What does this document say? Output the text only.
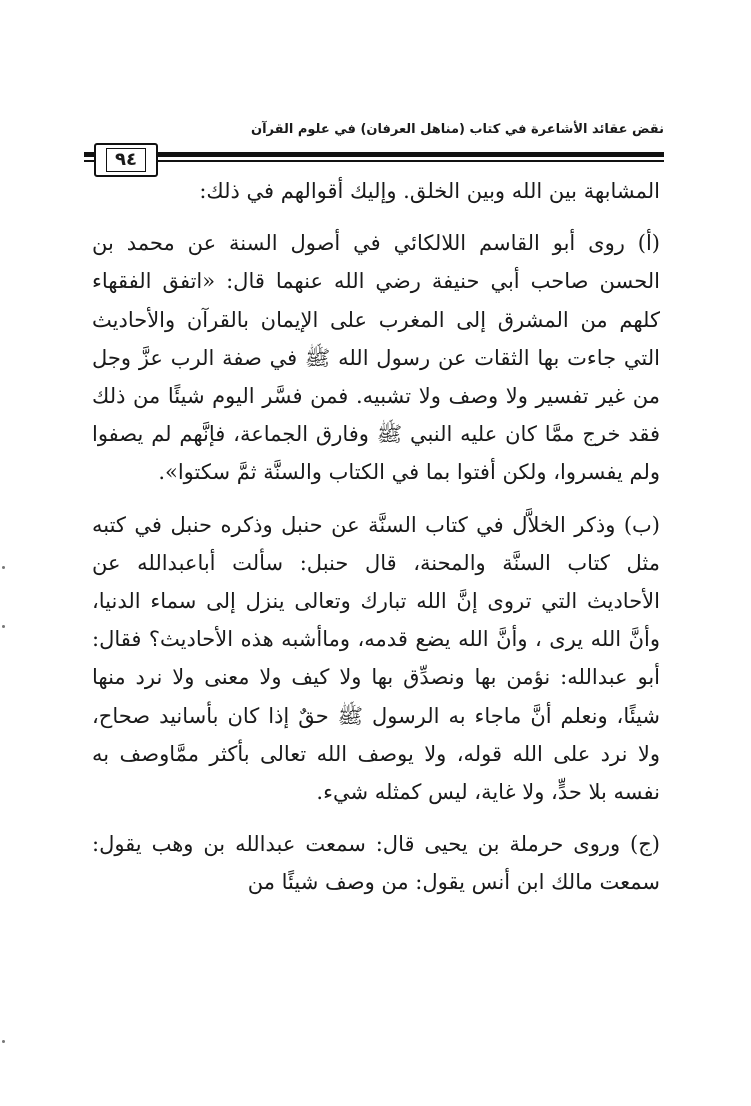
نقض عقائد الأشاعرة في كتاب (مناهل العرفان) في علوم القرآن
٩٤

المشابهة بين الله وبين الخلق. وإليك أقوالهم في ذلك:

(أ) روى أبو القاسم اللالكائي في أصول السنة عن محمد بن الحسن صاحب أبي حنيفة رضي الله عنهما قال: «اتفق الفقهاء كلهم من المشرق إلى المغرب على الإيمان بالقرآن والأحاديث التي جاءت بها الثقات عن رسول الله ﷺ في صفة الرب عزَّ وجل من غير تفسير ولا وصف ولا تشبيه. فمن فسَّر اليوم شيئًا من ذلك فقد خرج ممَّا كان عليه النبي ﷺ وفارق الجماعة، فإنَّهم لم يصفوا ولم يفسروا، ولكن أفتوا بما في الكتاب والسنَّة ثمَّ سكتوا».

(ب) وذكر الخلاَّل في كتاب السنَّة عن حنبل وذكره حنبل في كتبه مثل كتاب السنَّة والمحنة، قال حنبل: سألت أباعبدالله عن الأحاديث التي تروى إنَّ الله تبارك وتعالى ينزل إلى سماء الدنيا، وأنَّ الله يرى ، وأنَّ الله يضع قدمه، وماأشبه هذه الأحاديث؟ فقال: أبو عبدالله: نؤمن بها ونصدِّق بها ولا كيف ولا معنى ولا نرد منها شيئًا، ونعلم أنَّ ماجاء به الرسول ﷺ حقٌ إذا كان بأسانيد صحاح، ولا نرد على الله قوله، ولا يوصف الله تعالى بأكثر ممَّاوصف به نفسه بلا حدٍّ، ولا غاية، ليس كمثله شيء.

(ج) وروى حرملة بن يحيى قال: سمعت عبدالله بن وهب يقول: سمعت مالك ابن أنس يقول: من وصف شيئًا من
